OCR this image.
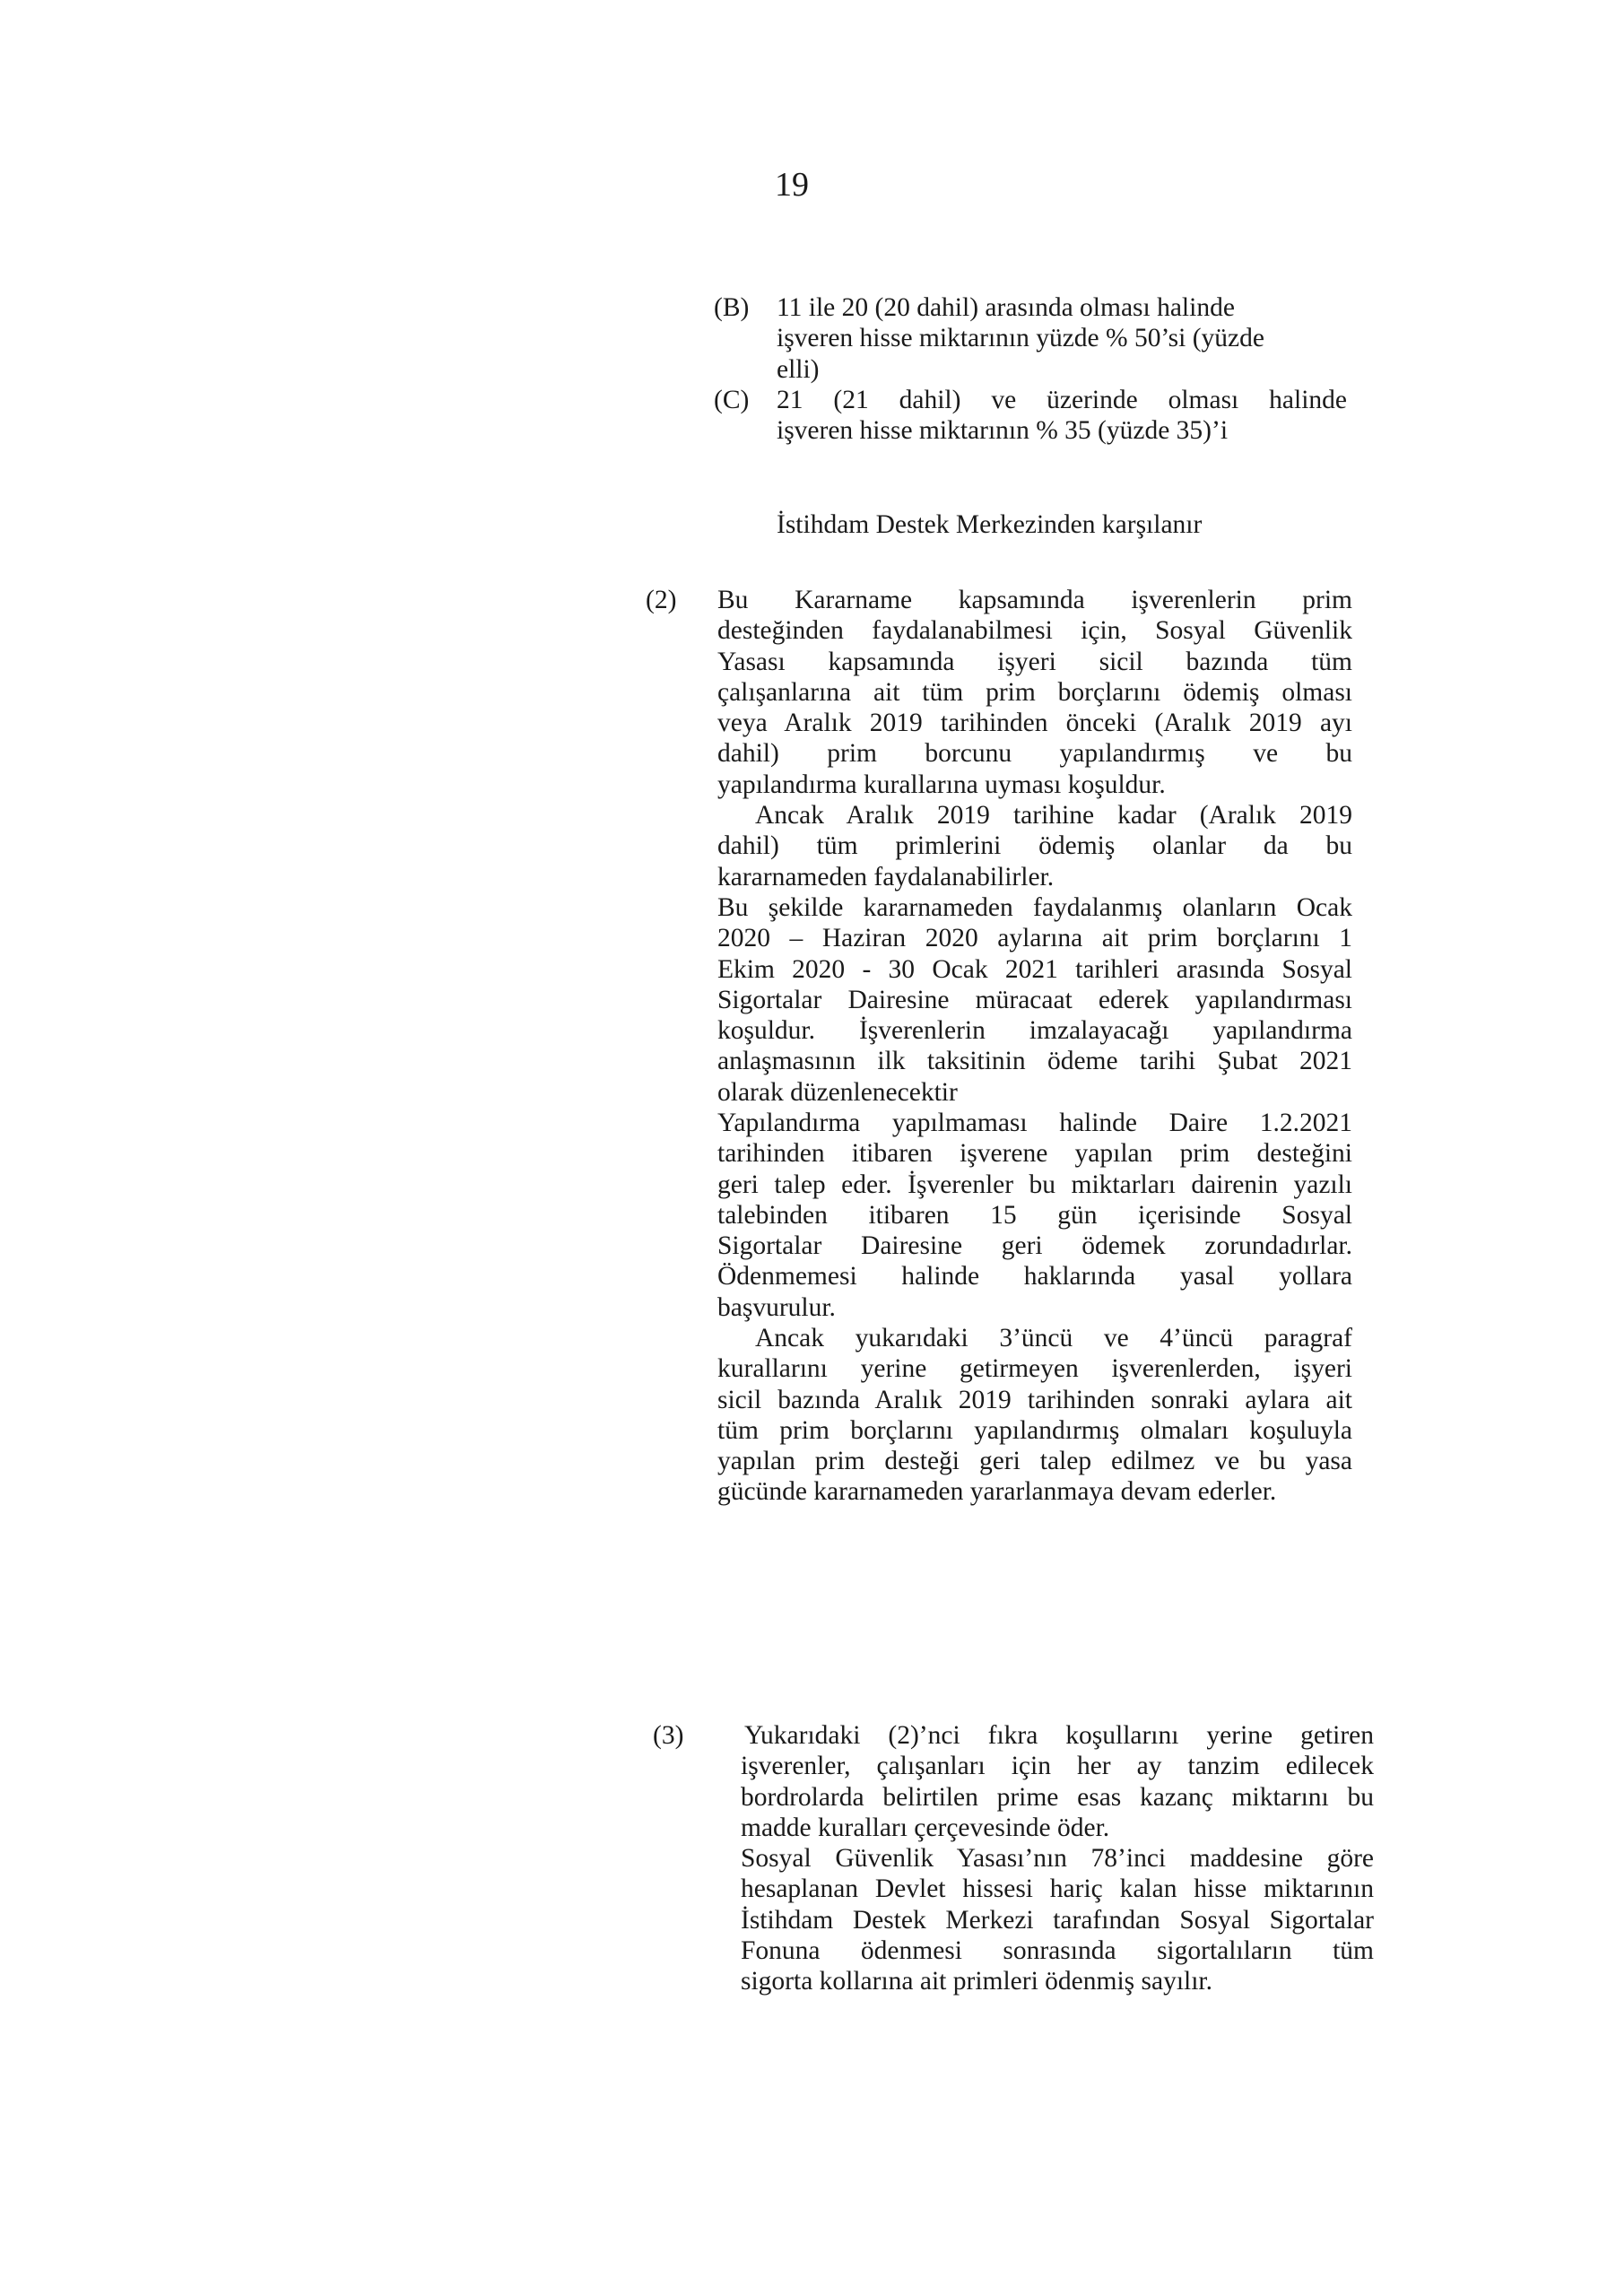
19
(B) 11 ile 20 (20 dahil) arasında olması halinde
işveren hisse miktarının yüzde % 50’si (yüzde
elli)
(C) 21 (21 dahil) ve üzerinde olması halinde
işveren hisse miktarının % 35 (yüzde 35)’i
İstihdam Destek Merkezinden karşılanır
(2) Bu Kararname kapsamında işverenlerin prim
desteğinden faydalanabilmesi için, Sosyal Güvenlik
Yasası kapsamında işyeri sicil bazında tüm
çalışanlarına ait tüm prim borçlarını ödemiş olması
veya Aralık 2019 tarihinden önceki (Aralık 2019 ayı
dahil) prim borcunu yapılandırmış ve bu
yapılandırma kurallarına uyması koşuldur.
Ancak Aralık 2019 tarihine kadar (Aralık 2019
dahil) tüm primlerini ödemiş olanlar da bu
kararnameden faydalanabilirler.
Bu şekilde kararnameden faydalanmış olanların Ocak
2020 – Haziran 2020 aylarına ait prim borçlarını 1
Ekim 2020 - 30 Ocak 2021 tarihleri arasında Sosyal
Sigortalar Dairesine müracaat ederek yapılandırması
koşuldur. İşverenlerin imzalayacağı yapılandırma
anlaşmasının ilk taksitinin ödeme tarihi Şubat 2021
olarak düzenlenecektir
Yapılandırma yapılmaması halinde Daire 1.2.2021
tarihinden itibaren işverene yapılan prim desteğini
geri talep eder. İşverenler bu miktarları dairenin yazılı
talebinden itibaren 15 gün içerisinde Sosyal
Sigortalar Dairesine geri ödemek zorundadırlar.
Ödenmemesi halinde haklarında yasal yollara
başvurulur.
Ancak yukarıdaki 3’üncü ve 4’üncü paragraf
kurallarını yerine getirmeyen işverenlerden, işyeri
sicil bazında Aralık 2019 tarihinden sonraki aylara ait
tüm prim borçlarını yapılandırmış olmaları koşuluyla
yapılan prim desteği geri talep edilmez ve bu yasa
gücünde kararnameden yararlanmaya devam ederler.
(3) Yukarıdaki (2)’nci fıkra koşullarını yerine getiren
işverenler, çalışanları için her ay tanzim edilecek
bordrolarda belirtilen prime esas kazanç miktarını bu
madde kuralları çerçevesinde öder.
Sosyal Güvenlik Yasası’nın 78’inci maddesine göre
hesaplanan Devlet hissesi hariç kalan hisse miktarının
İstihdam Destek Merkezi tarafından Sosyal Sigortalar
Fonuna ödenmesi sonrasında sigortalıların tüm
sigorta kollarına ait primleri ödenmiş sayılır.
